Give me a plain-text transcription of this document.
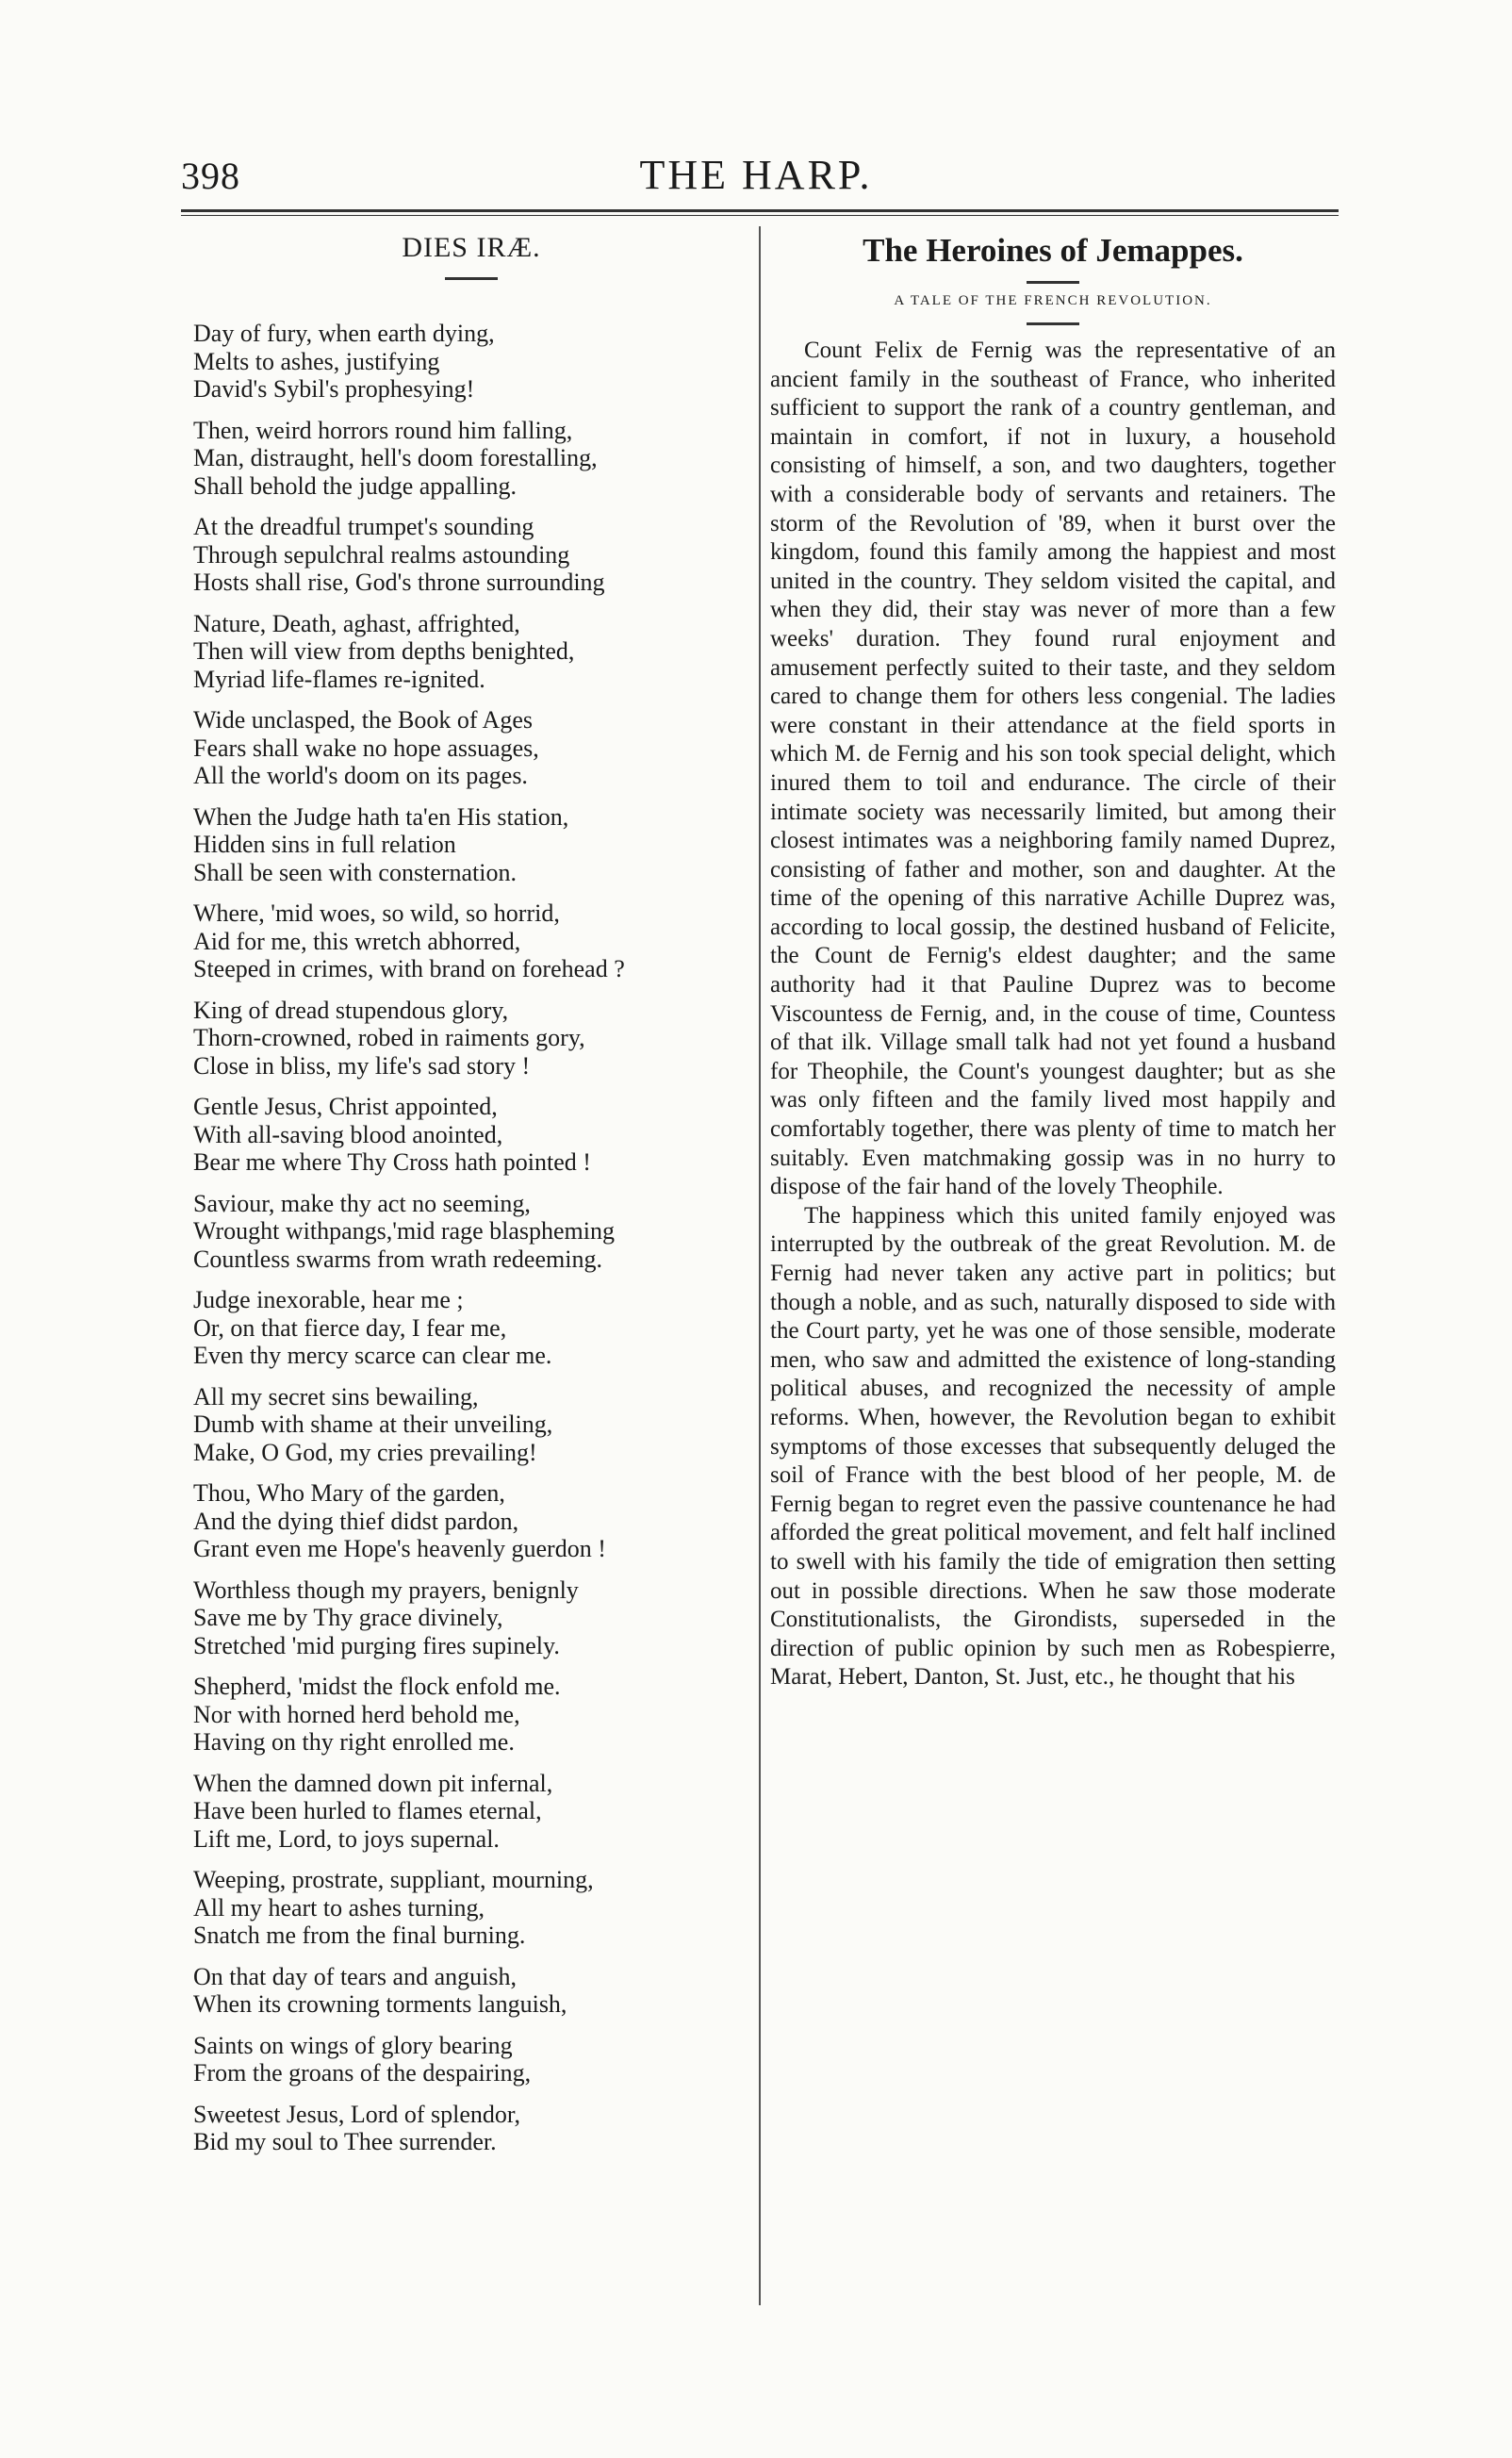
398	THE HARP.
DIES IRÆ.
Day of fury, when earth dying,
Melts to ashes, justifying
David's Sybil's prophesying!
Then, weird horrors round him falling,
Man, distraught, hell's doom forestalling,
Shall behold the judge appalling.
At the dreadful trumpet's sounding
Through sepulchral realms astounding
Hosts shall rise, God's throne surrounding
Nature, Death, aghast, affrighted,
Then will view from depths benighted,
Myriad life-flames re-ignited.
Wide unclasped, the Book of Ages
Fears shall wake no hope assuages,
All the world's doom on its pages.
When the Judge hath ta'en His station,
Hidden sins in full relation
Shall be seen with consternation.
Where, 'mid woes, so wild, so horrid,
Aid for me, this wretch abhorred,
Steeped in crimes, with brand on forehead ?
King of dread stupendous glory,
Thorn-crowned, robed in raiments gory,
Close in bliss, my life's sad story !
Gentle Jesus, Christ appointed,
With all-saving blood anointed,
Bear me where Thy Cross hath pointed !
Saviour, make thy act no seeming,
Wrought withpangs,'mid rage blaspheming
Countless swarms from wrath redeeming.
Judge inexorable, hear me ;
Or, on that fierce day, I fear me,
Even thy mercy scarce can clear me.
All my secret sins bewailing,
Dumb with shame at their unveiling,
Make, O God, my cries prevailing!
Thou, Who Mary of the garden,
And the dying thief didst pardon,
Grant even me Hope's heavenly guerdon !
Worthless though my prayers, benignly
Save me by Thy grace divinely,
Stretched 'mid purging fires supinely.
Shepherd, 'midst the flock enfold me.
Nor with horned herd behold me,
Having on thy right enrolled me.
When the damned down pit infernal,
Have been hurled to flames eternal,
Lift me, Lord, to joys supernal.
Weeping, prostrate, suppliant, mourning,
All my heart to ashes turning,
Snatch me from the final burning.
On that day of tears and anguish,
When its crowning torments languish,
Saints on wings of glory bearing
From the groans of the despairing,
Sweetest Jesus, Lord of splendor,
Bid my soul to Thee surrender.
The Heroines of Jemappes.
A TALE OF THE FRENCH REVOLUTION.

Count Felix de Fernig was the representative of an ancient family in the southeast of France, who inherited sufficient to support the rank of a country gentleman, and maintain in comfort, if not in luxury, a household consisting of himself, a son, and two daughters, together with a considerable body of servants and retainers. The storm of the Revolution of '89, when it burst over the kingdom, found this family among the happiest and most united in the country. They seldom visited the capital, and when they did, their stay was never of more than a few weeks' duration. They found rural enjoyment and amusement perfectly suited to their taste, and they seldom cared to change them for others less congenial. The ladies were constant in their attendance at the field sports in which M. de Fernig and his son took special delight, which inured them to toil and endurance. The circle of their intimate society was necessarily limited, but among their closest intimates was a neighboring family named Duprez, consisting of father and mother, son and daughter. At the time of the opening of this narrative Achille Duprez was, according to local gossip, the destined husband of Felicite, the Count de Fernig's eldest daughter; and the same authority had it that Pauline Duprez was to become Viscountess de Fernig, and, in the couse of time, Countess of that ilk. Village small talk had not yet found a husband for Theophile, the Count's youngest daughter; but as she was only fifteen and the family lived most happily and comfortably together, there was plenty of time to match her suitably. Even matchmaking gossip was in no hurry to dispose of the fair hand of the lovely Theophile.

The happiness which this united family enjoyed was interrupted by the outbreak of the great Revolution. M. de Fernig had never taken any active part in politics; but though a noble, and as such, naturally disposed to side with the Court party, yet he was one of those sensible, moderate men, who saw and admitted the existence of long-standing political abuses, and recognized the necessity of ample reforms. When, however, the Revolution began to exhibit symptoms of those excesses that subsequently deluged the soil of France with the best blood of her people, M. de Fernig began to regret even the passive countenance he had afforded the great political movement, and felt half inclined to swell with his family the tide of emigration then setting out in possible directions. When he saw those moderate Constitutionalists, the Girondists, superseded in the direction of public opinion by such men as Robespierre, Marat, Hebert, Danton, St. Just, etc., he thought that his
